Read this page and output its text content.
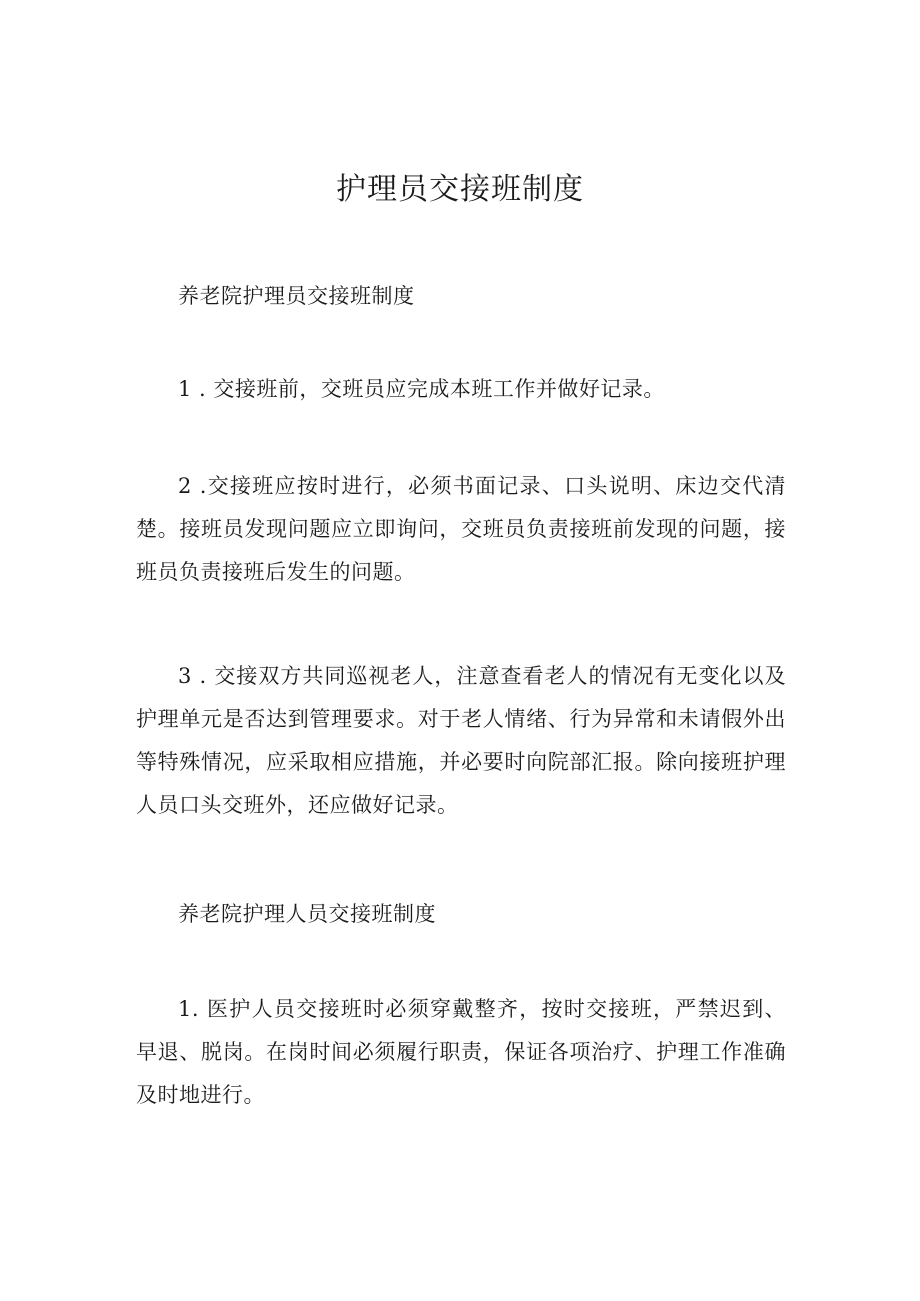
护理员交接班制度

养老院护理员交接班制度

1 . 交接班前，交班员应完成本班工作并做好记录。

2 .交接班应按时进行，必须书面记录、口头说明、床边交代清楚。接班员发现问题应立即询问，交班员负责接班前发现的问题，接班员负责接班后发生的问题。

3 . 交接双方共同巡视老人，注意查看老人的情况有无变化以及护理单元是否达到管理要求。对于老人情绪、行为异常和未请假外出等特殊情况，应采取相应措施，并必要时向院部汇报。除向接班护理人员口头交班外，还应做好记录。

养老院护理人员交接班制度

1. 医护人员交接班时必须穿戴整齐，按时交接班，严禁迟到、早退、脱岗。在岗时间必须履行职责，保证各项治疗、护理工作准确及时地进行。
